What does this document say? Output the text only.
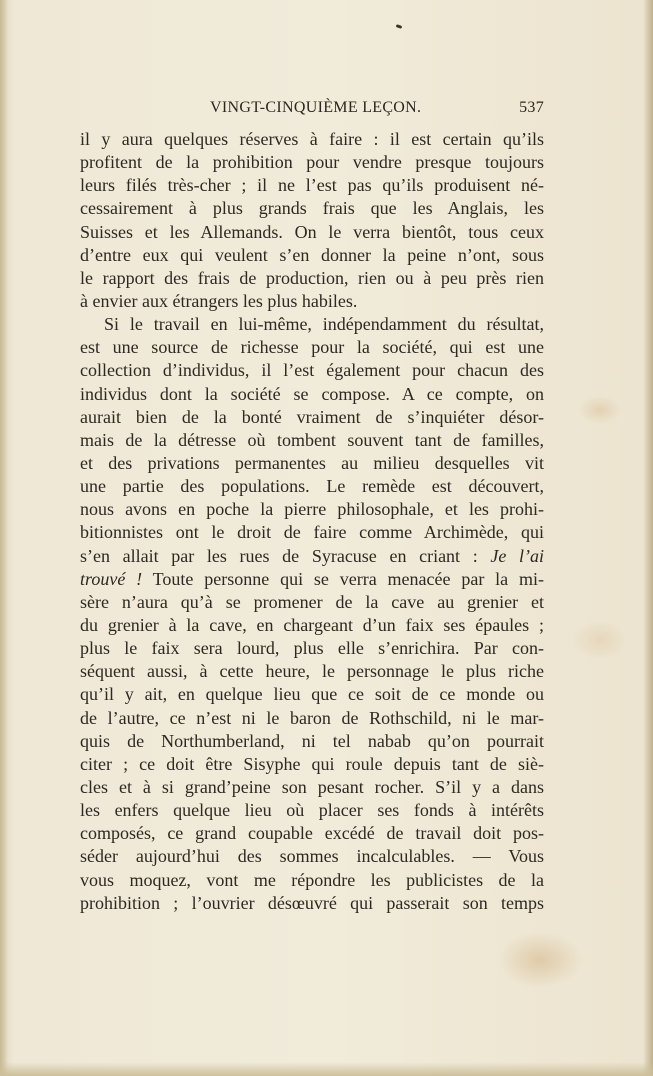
VINGT-CINQUIÈME LEÇON.	537
il y aura quelques réserves à faire : il est certain qu’ils
profitent de la prohibition pour vendre presque toujours
leurs filés très-cher ; il ne l’est pas qu’ils produisent né-
cessairement à plus grands frais que les Anglais, les
Suisses et les Allemands. On le verra bientôt, tous ceux
d’entre eux qui veulent s’en donner la peine n’ont, sous
le rapport des frais de production, rien ou à peu près rien
à envier aux étrangers les plus habiles.
Si le travail en lui-même, indépendamment du résultat,
est une source de richesse pour la société, qui est une
collection d’individus, il l’est également pour chacun des
individus dont la société se compose. A ce compte, on
aurait bien de la bonté vraiment de s’inquiéter désor-
mais de la détresse où tombent souvent tant de familles,
et des privations permanentes au milieu desquelles vit
une partie des populations. Le remède est découvert,
nous avons en poche la pierre philosophale, et les prohi-
bitionnistes ont le droit de faire comme Archimède, qui
s’en allait par les rues de Syracuse en criant : Je l’ai
trouvé ! Toute personne qui se verra menacée par la mi-
sère n’aura qu’à se promener de la cave au grenier et
du grenier à la cave, en chargeant d’un faix ses épaules ;
plus le faix sera lourd, plus elle s’enrichira. Par con-
séquent aussi, à cette heure, le personnage le plus riche
qu’il y ait, en quelque lieu que ce soit de ce monde ou
de l’autre, ce n’est ni le baron de Rothschild, ni le mar-
quis de Northumberland, ni tel nabab qu’on pourrait
citer ; ce doit être Sisyphe qui roule depuis tant de siè-
cles et à si grand’peine son pesant rocher. S’il y a dans
les enfers quelque lieu où placer ses fonds à intérêts
composés, ce grand coupable excédé de travail doit pos-
séder aujourd’hui des sommes incalculables. — Vous
vous moquez, vont me répondre les publicistes de la
prohibition ; l’ouvrier désœuvré qui passerait son temps
